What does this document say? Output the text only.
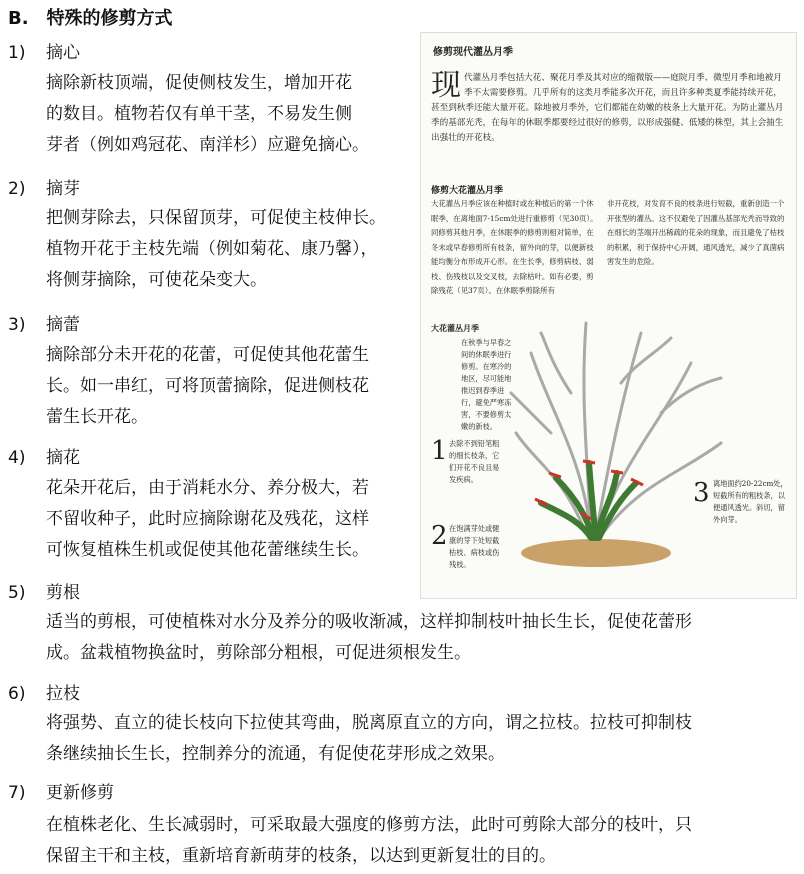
B. 特殊的修剪方式
1) 摘心
摘除新枝顶端，促使侧枝发生，增加开花
的数目。植物若仅有单干茎，不易发生侧
芽者（例如鸡冠花、南洋杉）应避免摘心。
2) 摘芽
把侧芽除去，只保留顶芽，可促使主枝伸长。
植物开花于主枝先端（例如菊花、康乃馨），
将侧芽摘除，可使花朵变大。
3) 摘蕾
摘除部分未开花的花蕾，可促使其他花蕾生
长。如一串红，可将顶蕾摘除，促进侧枝花
蕾生长开花。
4) 摘花
花朵开花后，由于消耗水分、养分极大，若
不留收种子，此时应摘除谢花及残花，这样
可恢复植株生机或促使其他花蕾继续生长。
5) 剪根
适当的剪根，可使植株对水分及养分的吸收渐减，这样抑制枝叶抽长生长，促使花蕾形
成。盆栽植物换盆时，剪除部分粗根，可促进须根发生。
6) 拉枝
将强势、直立的徒长枝向下拉使其弯曲，脱离原直立的方向，谓之拉枝。拉枝可抑制枝
条继续抽长生长，控制养分的流通，有促使花芽形成之效果。
7) 更新修剪
在植株老化、生长减弱时，可采取最大强度的修剪方法，此时可剪除大部分的枝叶，只
保留主干和主枝，重新培育新萌芽的枝条，以达到更新复壮的目的。
修剪现代灌丛月季
现代灌丛月季包括大花、聚花月季及其对应的缩微版——庭院月季、微型月季和地被月季不太需要修剪。几乎所有的这类月季能多次开花，而且许多种类夏季能持续开花，甚至到秋季还能大量开花。除地被月季外，它们都能在幼嫩的枝条上大量开花。为防止灌丛月季的基部光秃，在每年的休眠季都要经过很好的修剪，以形成强健、低矮的株型，其上会抽生出强壮的开花枝。
修剪大花灌丛月季
大花灌丛月季应该在种植时或在种植后的第一个休眠季，在离地面7-15cm处进行重修剪（见30页）。同修剪其他月季，在休眠季的修剪则相对简单，在冬末或早春修剪所有枝条，留外向的芽，以便新枝能均衡分布形成开心形。在生长季，修剪病枝、弱枝、伤残枝以及交叉枝，去除枯叶。如有必要，剪除残花（见37页）。在休眠季剪除所有
非开花枝，对发育不良的枝条进行短截，重新创造一个开张型的灌丛。这不仅避免了因灌丛基部光秃而导致的在细长的茎端开出稀疏的花朵的现象，而且避免了枯枝的积累，利于保持中心开阔，通风透光，减少了真菌病害发生的危险。
大花灌丛月季
在秋季与早春之间的休眠季进行修剪。在寒冷的地区，尽可能地推迟到春季进行，避免严寒冻害，不要修剪太嫩的新枝。
1 去除不到铅笔粗的细长枝条，它们开花不良且易发疾病。
2 在饱满芽处或健康的芽下处短截枯枝、病枝或伤残枝。
3 离地面约20-22cm处，短截所有的粗枝条，以便通风透光。斜切，留外向芽。
